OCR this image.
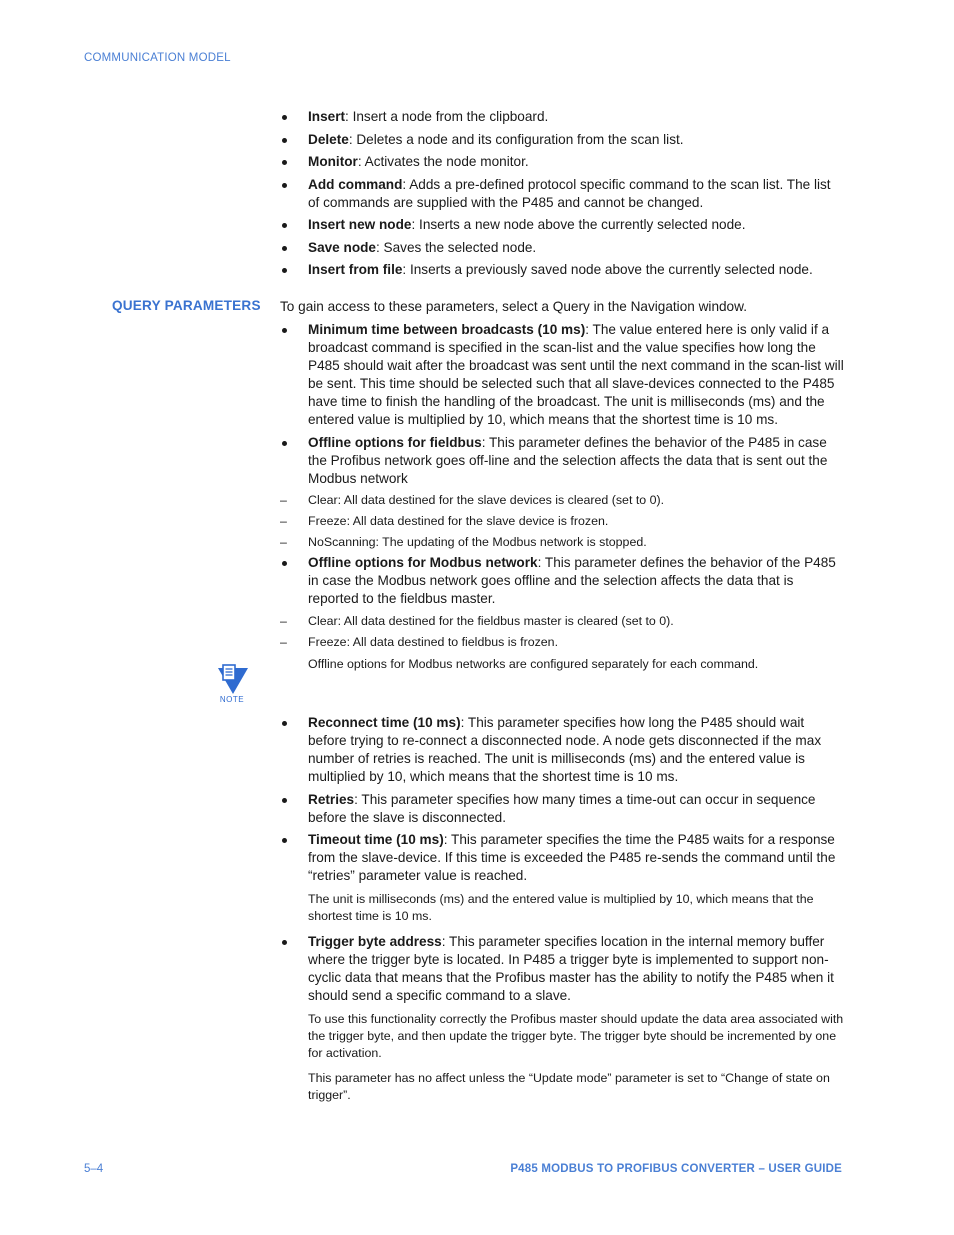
COMMUNICATION MODEL
Insert: Insert a node from the clipboard.
Delete: Deletes a node and its configuration from the scan list.
Monitor: Activates the node monitor.
Add command: Adds a pre-defined protocol specific command to the scan list. The list of commands are supplied with the P485 and cannot be changed.
Insert new node: Inserts a new node above the currently selected node.
Save node: Saves the selected node.
Insert from file: Inserts a previously saved node above the currently selected node.
QUERY PARAMETERS To gain access to these parameters, select a Query in the Navigation window.

Minimum time between broadcasts (10 ms): The value entered here is only valid if a broadcast command is specified in the scan-list and the value specifies how long the P485 should wait after the broadcast was sent until the next command in the scan-list will be sent. This time should be selected such that all slave-devices connected to the P485 have time to finish the handling of the broadcast. The unit is milliseconds (ms) and the entered value is multiplied by 10, which means that the shortest time is 10 ms.
Offline options for fieldbus: This parameter defines the behavior of the P485 in case the Profibus network goes off-line and the selection affects the data that is sent out the Modbus network
– Clear: All data destined for the slave devices is cleared (set to 0).
– Freeze: All data destined for the slave device is frozen.
– NoScanning: The updating of the Modbus network is stopped.
Offline options for Modbus network: This parameter defines the behavior of the P485 in case the Modbus network goes offline and the selection affects the data that is reported to the fieldbus master.
– Clear: All data destined for the fieldbus master is cleared (set to 0).
– Freeze: All data destined to fieldbus is frozen.

Offline options for Modbus networks are configured separately for each command.

NOTE
Reconnect time (10 ms): This parameter specifies how long the P485 should wait before trying to re-connect a disconnected node. A node gets disconnected if the max number of retries is reached. The unit is milliseconds (ms) and the entered value is multiplied by 10, which means that the shortest time is 10 ms.
Retries: This parameter specifies how many times a time-out can occur in sequence before the slave is disconnected.
Timeout time (10 ms): This parameter specifies the time the P485 waits for a response from the slave-device. If this time is exceeded the P485 re-sends the command until the “retries” parameter value is reached.

The unit is milliseconds (ms) and the entered value is multiplied by 10, which means that the shortest time is 10 ms.

Trigger byte address: This parameter specifies location in the internal memory buffer where the trigger byte is located. In P485 a trigger byte is implemented to support non-cyclic data that means that the Profibus master has the ability to notify the P485 when it should send a specific command to a slave.

To use this functionality correctly the Profibus master should update the data area associated with the trigger byte, and then update the trigger byte. The trigger byte should be incremented by one for activation.

This parameter has no affect unless the “Update mode” parameter is set to “Change of state on trigger”.

5–4	P485 MODBUS TO PROFIBUS CONVERTER – USER GUIDE
